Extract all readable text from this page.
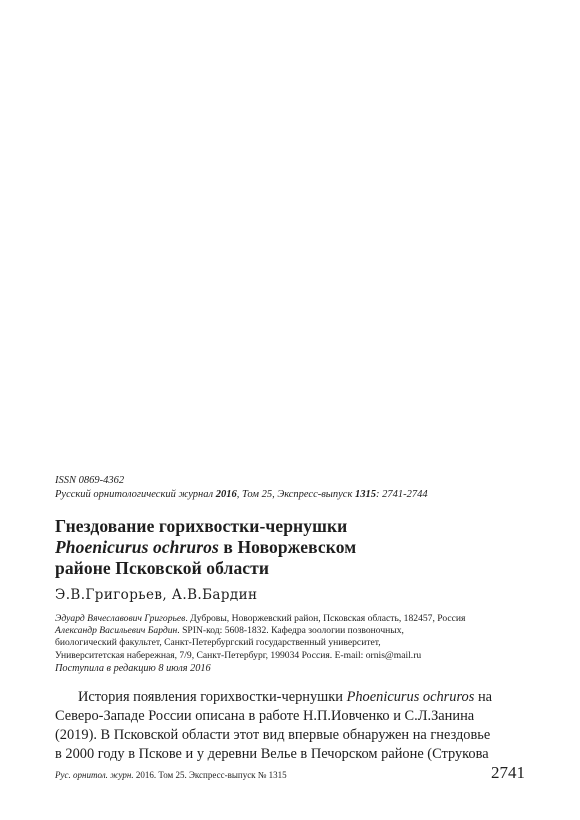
ISSN 0869-4362
Русский орнитологический журнал 2016, Том 25, Экспресс-выпуск 1315: 2741-2744
Гнездование горихвостки-чернушки
Phoenicurus ochruros в Новоржевском
районе Псковской области
Э.В.Григорьев, А.В.Бардин
Эдуард Вячеславович Григорьев. Дубровы, Новоржевский район, Псковская область, 182457, Россия
Александр Васильевич Бардин. SPIN-код: 5608-1832. Кафедра зоологии позвоночных,
биологический факультет, Санкт-Петербургский государственный университет,
Университетская набережная, 7/9, Санкт-Петербург, 199034 Россия. E-mail: ornis@mail.ru
Поступила в редакцию 8 июля 2016
История появления горихвостки-чернушки Phoenicurus ochruros на
Северо-Западе России описана в работе Н.П.Иовченко и С.Л.Занина
(2019). В Псковской области этот вид впервые обнаружен на гнездовье
в 2000 году в Пскове и у деревни Велье в Печорском районе (Струкова
Рус. орнитол. журн. 2016. Том 25. Экспресс-выпуск № 1315	2741
